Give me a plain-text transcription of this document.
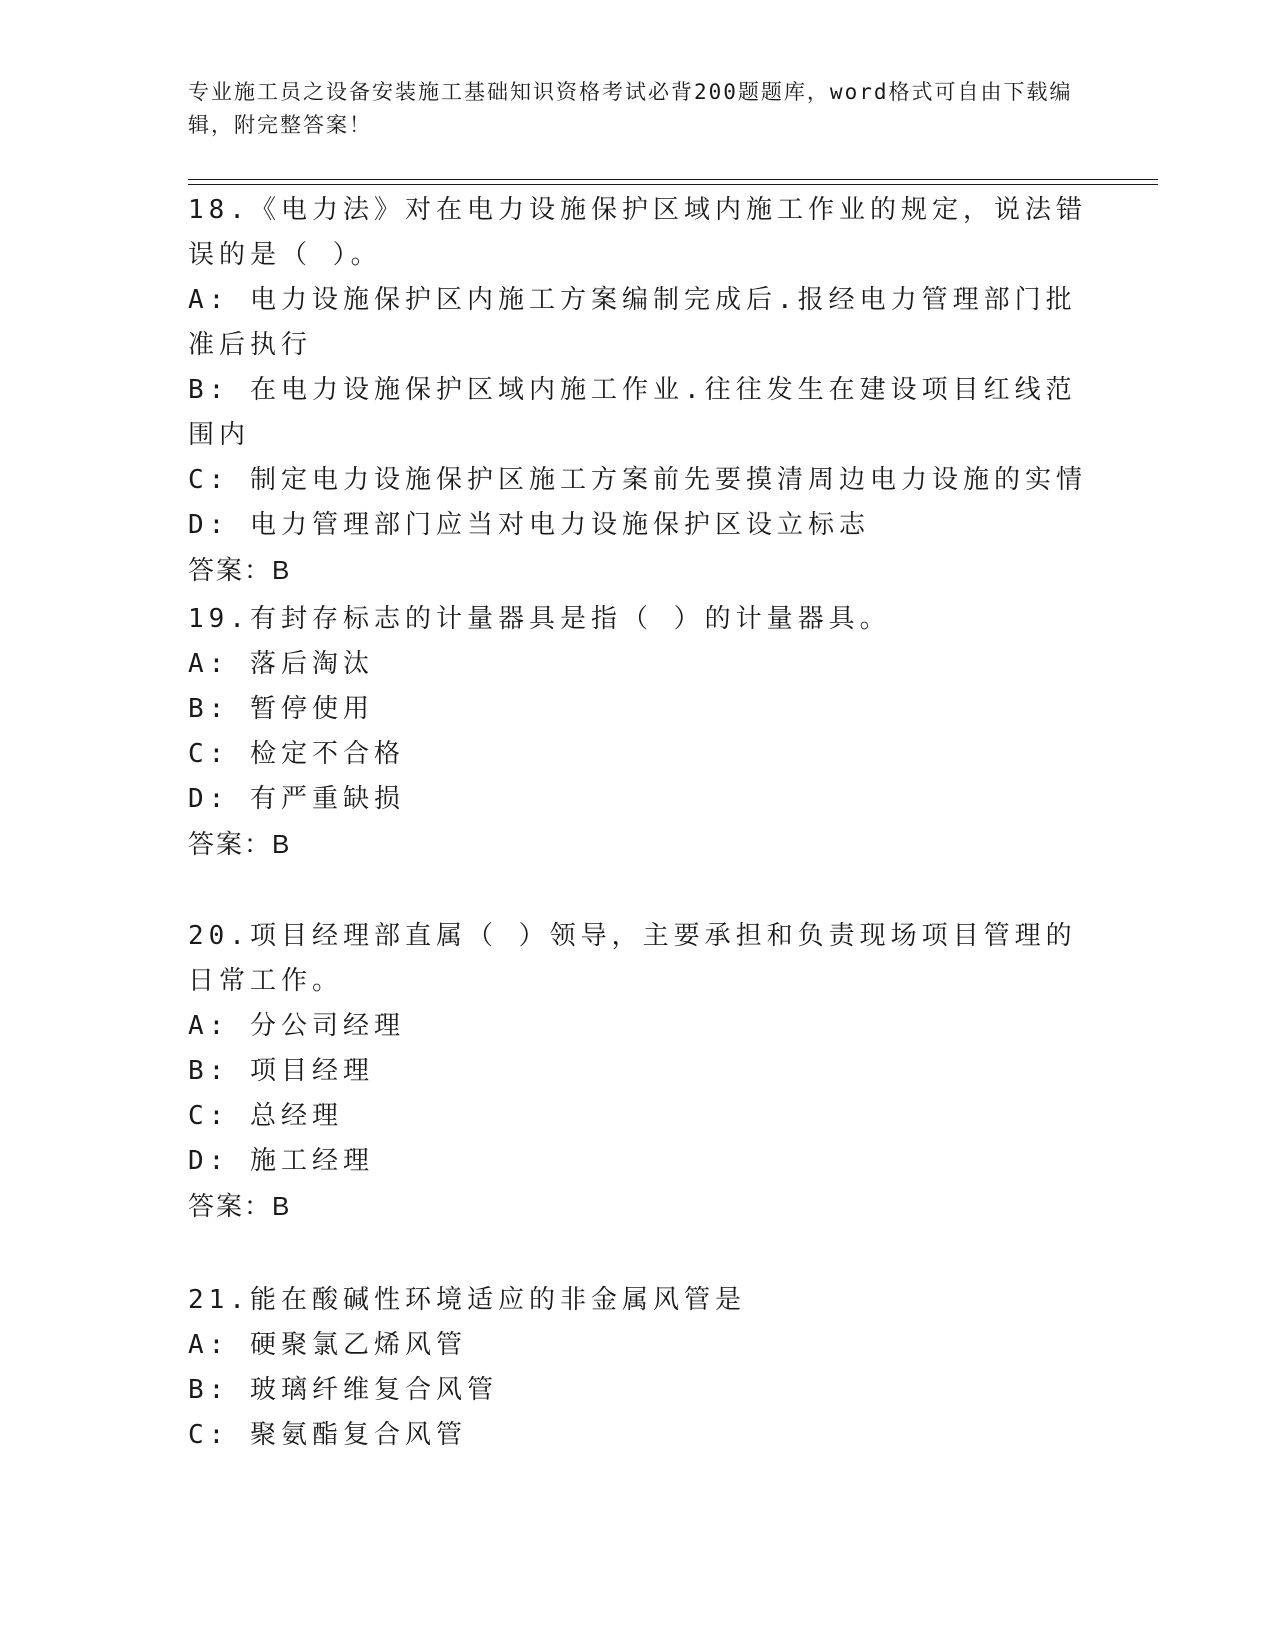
专业施工员之设备安装施工基础知识资格考试必背200题题库，word格式可自由下载编辑，附完整答案！

18.《电力法》对在电力设施保护区域内施工作业的规定，说法错误的是（ ）。

A: 电力设施保护区内施工方案编制完成后.报经电力管理部门批准后执行

B: 在电力设施保护区域内施工作业.往往发生在建设项目红线范围内

C: 制定电力设施保护区施工方案前先要摸清周边电力设施的实情

D: 电力管理部门应当对电力设施保护区设立标志

答案：B

19.有封存标志的计量器具是指（ ）的计量器具。

A: 落后淘汰

B: 暂停使用

C: 检定不合格

D: 有严重缺损

答案：B

20.项目经理部直属（ ）领导，主要承担和负责现场项目管理的日常工作。

A: 分公司经理

B: 项目经理

C: 总经理

D: 施工经理

答案：B

21.能在酸碱性环境适应的非金属风管是

A: 硬聚氯乙烯风管

B: 玻璃纤维复合风管

C: 聚氨酯复合风管
